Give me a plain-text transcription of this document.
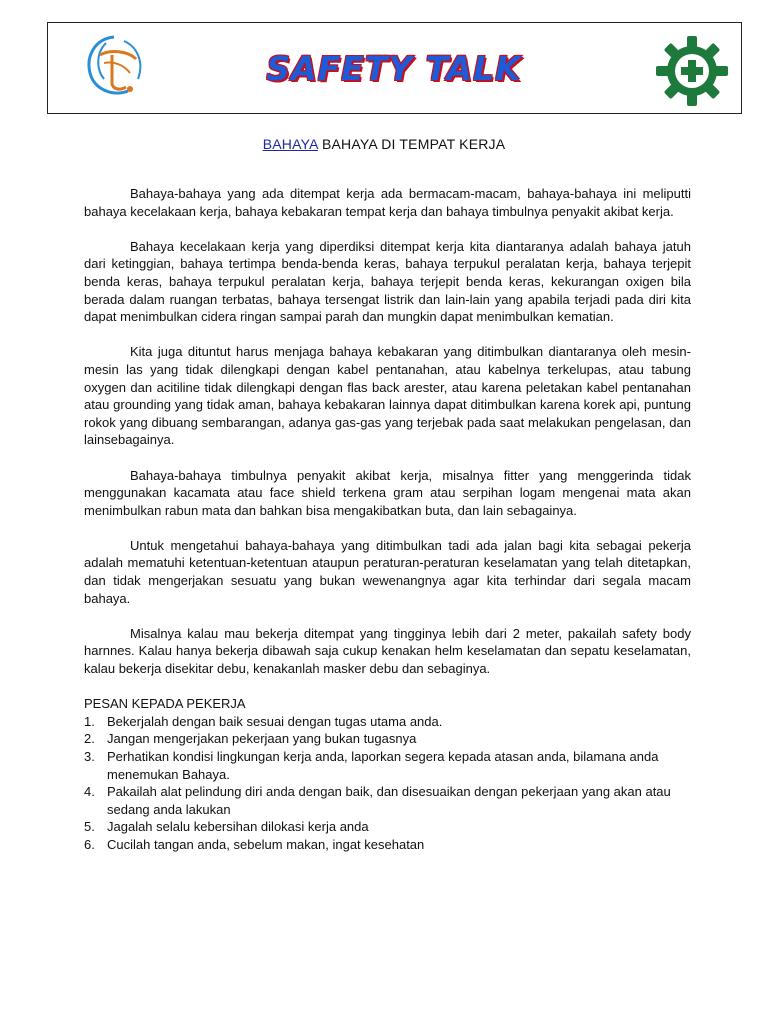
SAFETY TALK
BAHAYA BAHAYA DI TEMPAT KERJA

Bahaya-bahaya yang ada ditempat kerja ada bermacam-macam, bahaya-bahaya ini meliputti bahaya kecelakaan kerja, bahaya kebakaran tempat kerja dan bahaya timbulnya penyakit akibat kerja.

Bahaya kecelakaan kerja yang diperdiksi ditempat kerja kita diantaranya adalah bahaya jatuh dari ketinggian, bahaya tertimpa benda-benda keras, bahaya terpukul peralatan kerja, bahaya terjepit benda keras, bahaya terpukul peralatan kerja, bahaya terjepit benda keras, kekurangan oxigen bila berada dalam ruangan terbatas, bahaya tersengat listrik dan lain-lain yang apabila terjadi pada diri kita dapat menimbulkan cidera ringan sampai parah dan mungkin dapat menimbulkan kematian.

Kita juga dituntut harus menjaga bahaya kebakaran yang ditimbulkan diantaranya oleh mesin-mesin las yang tidak dilengkapi dengan kabel pentanahan, atau kabelnya terkelupas, atau tabung oxygen dan acitiline tidak dilengkapi dengan flas back arester, atau karena peletakan kabel pentanahan atau grounding yang tidak aman, bahaya kebakaran lainnya dapat ditimbulkan karena korek api, puntung rokok yang dibuang sembarangan, adanya gas-gas yang terjebak pada saat melakukan pengelasan, dan lainsebagainya.

Bahaya-bahaya timbulnya penyakit akibat kerja, misalnya fitter yang menggerinda tidak menggunakan kacamata atau face shield terkena gram atau serpihan logam mengenai mata akan menimbulkan rabun mata dan bahkan bisa mengakibatkan buta, dan lain sebagainya.

Untuk mengetahui bahaya-bahaya yang ditimbulkan tadi ada jalan bagi kita sebagai pekerja adalah mematuhi ketentuan-ketentuan ataupun peraturan-peraturan keselamatan yang telah ditetapkan, dan tidak mengerjakan sesuatu yang bukan wewenangnya agar kita terhindar dari segala macam bahaya.

Misalnya kalau mau bekerja ditempat yang tingginya lebih dari 2 meter, pakailah safety body harnnes. Kalau hanya bekerja dibawah saja cukup kenakan helm keselamatan dan sepatu keselamatan, kalau bekerja disekitar debu, kenakanlah masker debu dan sebaginya.

PESAN KEPADA PEKERJA

1. Bekerjalah dengan baik sesuai dengan tugas utama anda.
2. Jangan mengerjakan pekerjaan yang bukan tugasnya
3. Perhatikan kondisi lingkungan kerja anda, laporkan segera kepada atasan anda, bilamana anda menemukan Bahaya.
4. Pakailah alat pelindung diri anda dengan baik, dan disesuaikan dengan pekerjaan yang akan atau sedang anda lakukan
5. Jagalah selalu kebersihan dilokasi kerja anda
6. Cucilah tangan anda, sebelum makan, ingat kesehatan
